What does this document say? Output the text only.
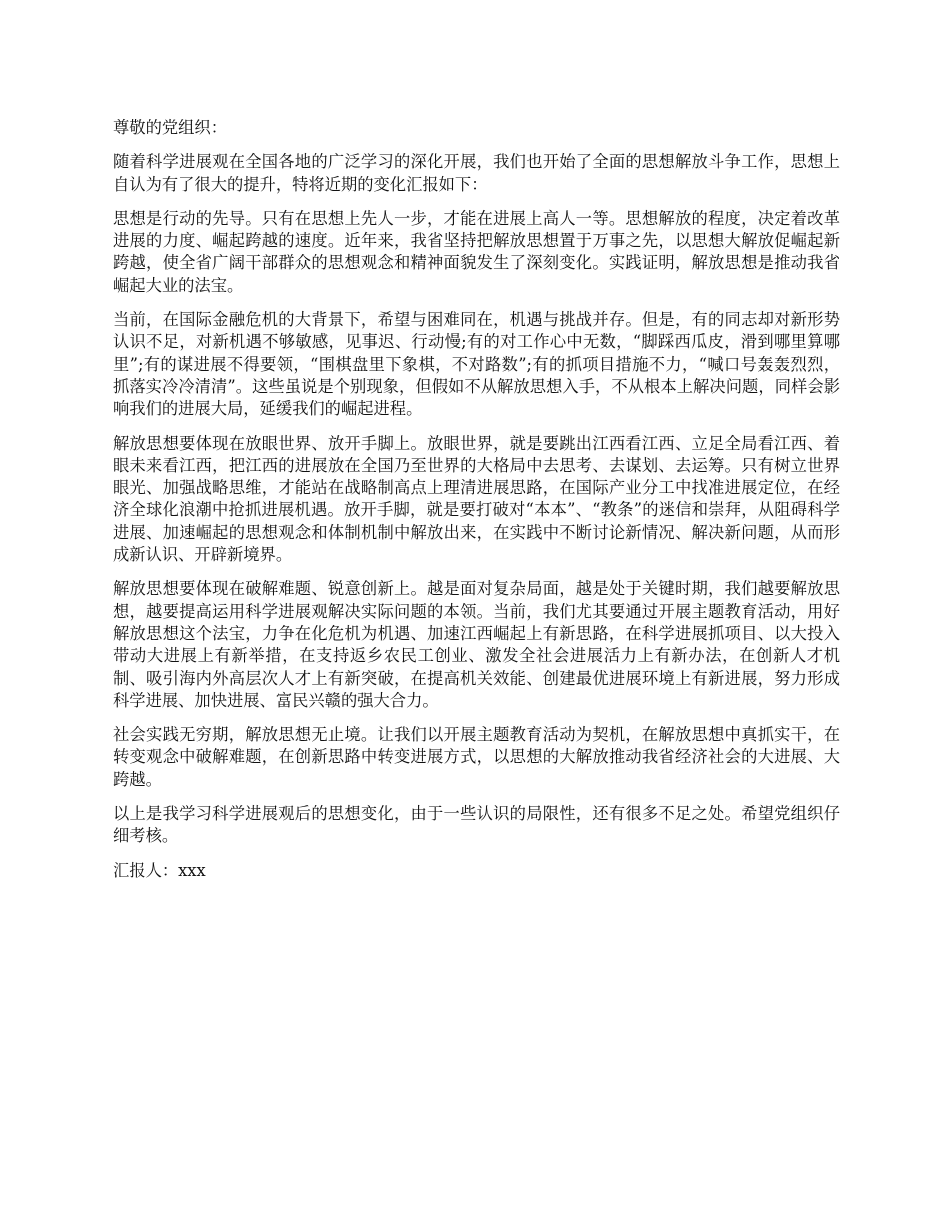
尊敬的党组织：

随着科学进展观在全国各地的广泛学习的深化开展，我们也开始了全面的思想解放斗争工作，思想上自认为有了很大的提升，特将近期的变化汇报如下：

思想是行动的先导。只有在思想上先人一步，才能在进展上高人一等。思想解放的程度，决定着改革进展的力度、崛起跨越的速度。近年来，我省坚持把解放思想置于万事之先，以思想大解放促崛起新跨越，使全省广阔干部群众的思想观念和精神面貌发生了深刻变化。实践证明，解放思想是推动我省崛起大业的法宝。

当前，在国际金融危机的大背景下，希望与困难同在，机遇与挑战并存。但是，有的同志却对新形势认识不足，对新机遇不够敏感，见事迟、行动慢;有的对工作心中无数，“脚踩西瓜皮，滑到哪里算哪里”;有的谋进展不得要领，“围棋盘里下象棋，不对路数”;有的抓项目措施不力，“喊口号轰轰烈烈，抓落实冷冷清清”。这些虽说是个别现象，但假如不从解放思想入手，不从根本上解决问题，同样会影响我们的进展大局，延缓我们的崛起进程。

解放思想要体现在放眼世界、放开手脚上。放眼世界，就是要跳出江西看江西、立足全局看江西、着眼未来看江西，把江西的进展放在全国乃至世界的大格局中去思考、去谋划、去运筹。只有树立世界眼光、加强战略思维，才能站在战略制高点上理清进展思路，在国际产业分工中找准进展定位，在经济全球化浪潮中抢抓进展机遇。放开手脚，就是要打破对“本本”、“教条”的迷信和崇拜，从阻碍科学进展、加速崛起的思想观念和体制机制中解放出来，在实践中不断讨论新情况、解决新问题，从而形成新认识、开辟新境界。

解放思想要体现在破解难题、锐意创新上。越是面对复杂局面，越是处于关键时期，我们越要解放思想，越要提高运用科学进展观解决实际问题的本领。当前，我们尤其要通过开展主题教育活动，用好解放思想这个法宝，力争在化危机为机遇、加速江西崛起上有新思路，在科学进展抓项目、以大投入带动大进展上有新举措，在支持返乡农民工创业、激发全社会进展活力上有新办法，在创新人才机制、吸引海内外高层次人才上有新突破，在提高机关效能、创建最优进展环境上有新进展，努力形成科学进展、加快进展、富民兴赣的强大合力。

社会实践无穷期，解放思想无止境。让我们以开展主题教育活动为契机，在解放思想中真抓实干，在转变观念中破解难题，在创新思路中转变进展方式，以思想的大解放推动我省经济社会的大进展、大跨越。

以上是我学习科学进展观后的思想变化，由于一些认识的局限性，还有很多不足之处。希望党组织仔细考核。

汇报人：xxx
